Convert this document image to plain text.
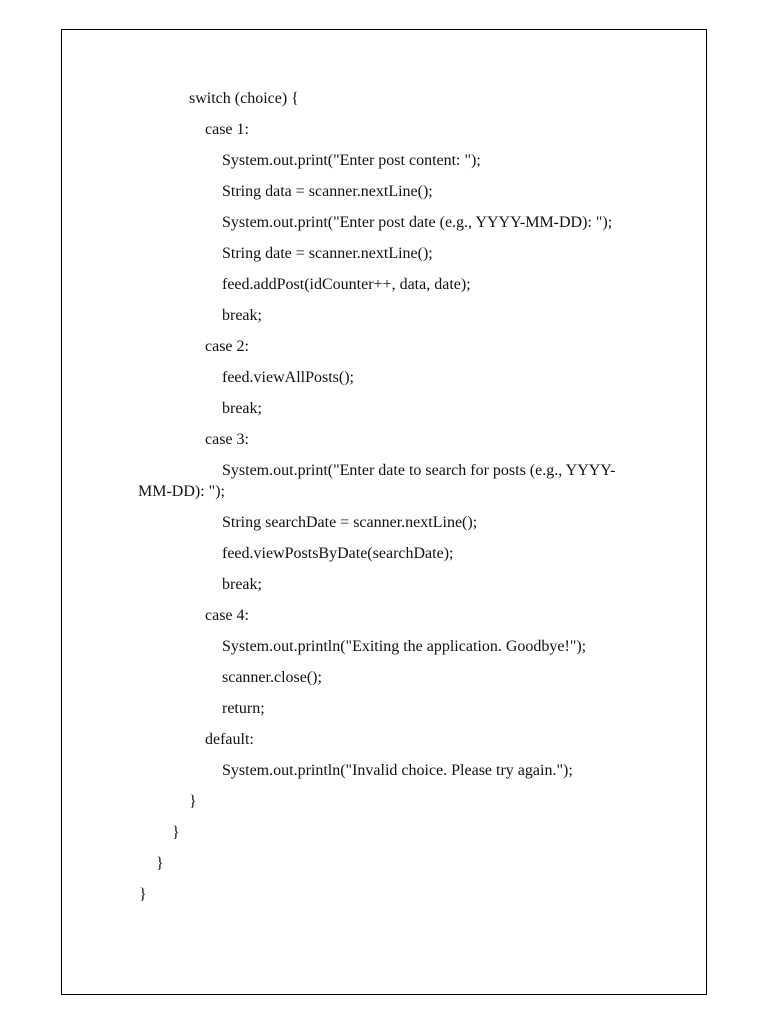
switch (choice) {
case 1:
System.out.print("Enter post content: ");
String data = scanner.nextLine();
System.out.print("Enter post date (e.g., YYYY-MM-DD): ");
String date = scanner.nextLine();
feed.addPost(idCounter++, data, date);
break;
case 2:
feed.viewAllPosts();
break;
case 3:
System.out.print("Enter date to search for posts (e.g., YYYY-
MM-DD): ");
String searchDate = scanner.nextLine();
feed.viewPostsByDate(searchDate);
break;
case 4:
System.out.println("Exiting the application. Goodbye!");
scanner.close();
return;
default:
System.out.println("Invalid choice. Please try again.");
}
}
}
}
